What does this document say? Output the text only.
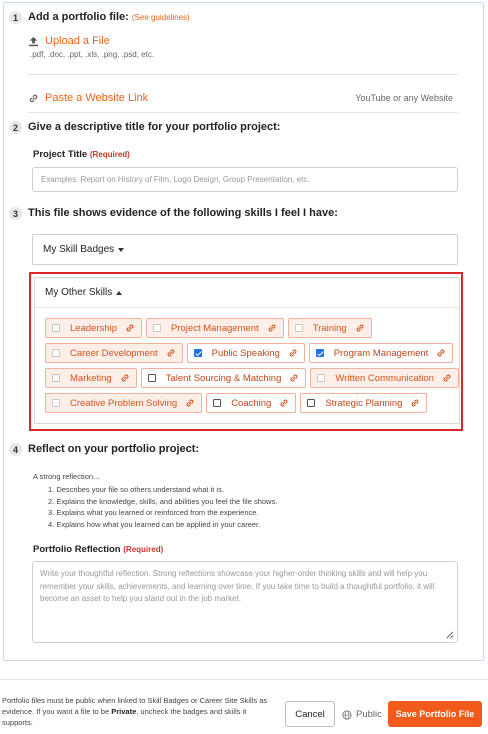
1 Add a portfolio file: (See guidelines)
Upload a File
.pdf, .doc, .ppt, .xls, .png, .psd, etc.
Paste a Website Link	YouTube or any Website
2 Give a descriptive title for your portfolio project:
Project Title (Required)
Examples: Report on History of Film, Logo Design, Group Presentation, etc.
3 This file shows evidence of the following skills I feel I have:
My Skill Badges
My Other Skills
Leadership	Project Management	Training
Career Development	Public Speaking	Program Management
Marketing	Talent Sourcing & Matching	Written Communication
Creative Problem Solving	Coaching	Strategic Planning
4 Reflect on your portfolio project:
A strong reflection...
1. Describes your file so others understand what it is.
2. Explains the knowledge, skills, and abilities you feel the file shows.
3. Explains what you learned or reinforced from the experience.
4. Explains how what you learned can be applied in your career.
Portfolio Reflection (Required)
Write your thoughtful reflection. Strong reflections showcase your higher-order thinking skills and will help you remember your skills, achievements, and learning over time. If you take time to build a thoughtful portfolio, it will become an asset to help you stand out in the job market.
Portfolio files must be public when linked to Skill Badges or Career Site Skills as evidence. If you want a file to be Private, uncheck the badges and skills it supports.
Cancel	Public	Save Portfolio File
